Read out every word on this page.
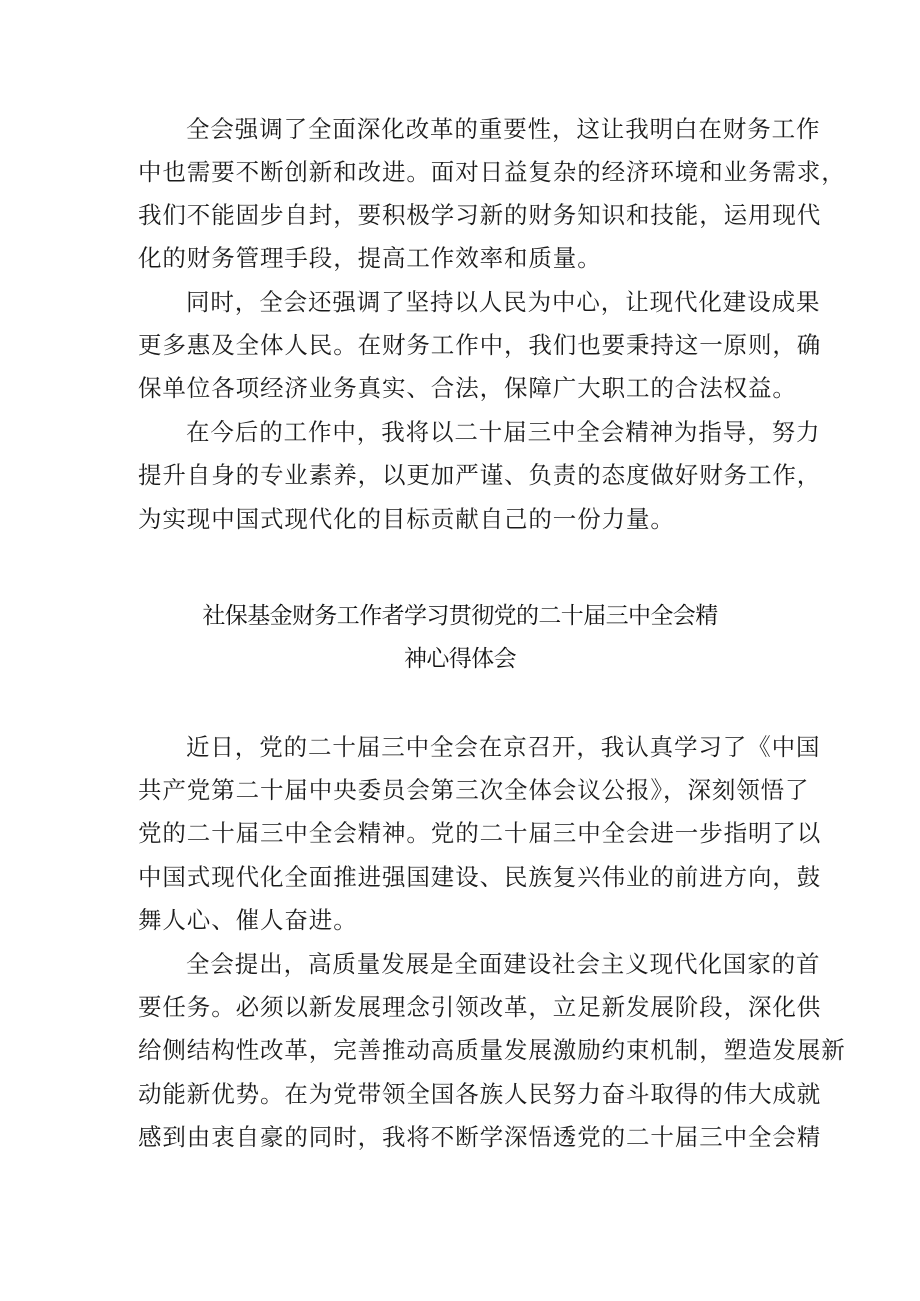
全会强调了全面深化改革的重要性，这让我明白在财务工作
中也需要不断创新和改进。面对日益复杂的经济环境和业务需求，
我们不能固步自封，要积极学习新的财务知识和技能，运用现代
化的财务管理手段，提高工作效率和质量。
同时，全会还强调了坚持以人民为中心，让现代化建设成果
更多惠及全体人民。在财务工作中，我们也要秉持这一原则，确
保单位各项经济业务真实、合法，保障广大职工的合法权益。
在今后的工作中，我将以二十届三中全会精神为指导，努力
提升自身的专业素养，以更加严谨、负责的态度做好财务工作，
为实现中国式现代化的目标贡献自己的一份力量。
社保基金财务工作者学习贯彻党的二十届三中全会精
神心得体会
近日，党的二十届三中全会在京召开，我认真学习了《中国
共产党第二十届中央委员会第三次全体会议公报》，深刻领悟了
党的二十届三中全会精神。党的二十届三中全会进一步指明了以
中国式现代化全面推进强国建设、民族复兴伟业的前进方向，鼓
舞人心、催人奋进。
全会提出，高质量发展是全面建设社会主义现代化国家的首
要任务。必须以新发展理念引领改革，立足新发展阶段，深化供
给侧结构性改革，完善推动高质量发展激励约束机制，塑造发展新
动能新优势。在为党带领全国各族人民努力奋斗取得的伟大成就
感到由衷自豪的同时，我将不断学深悟透党的二十届三中全会精
